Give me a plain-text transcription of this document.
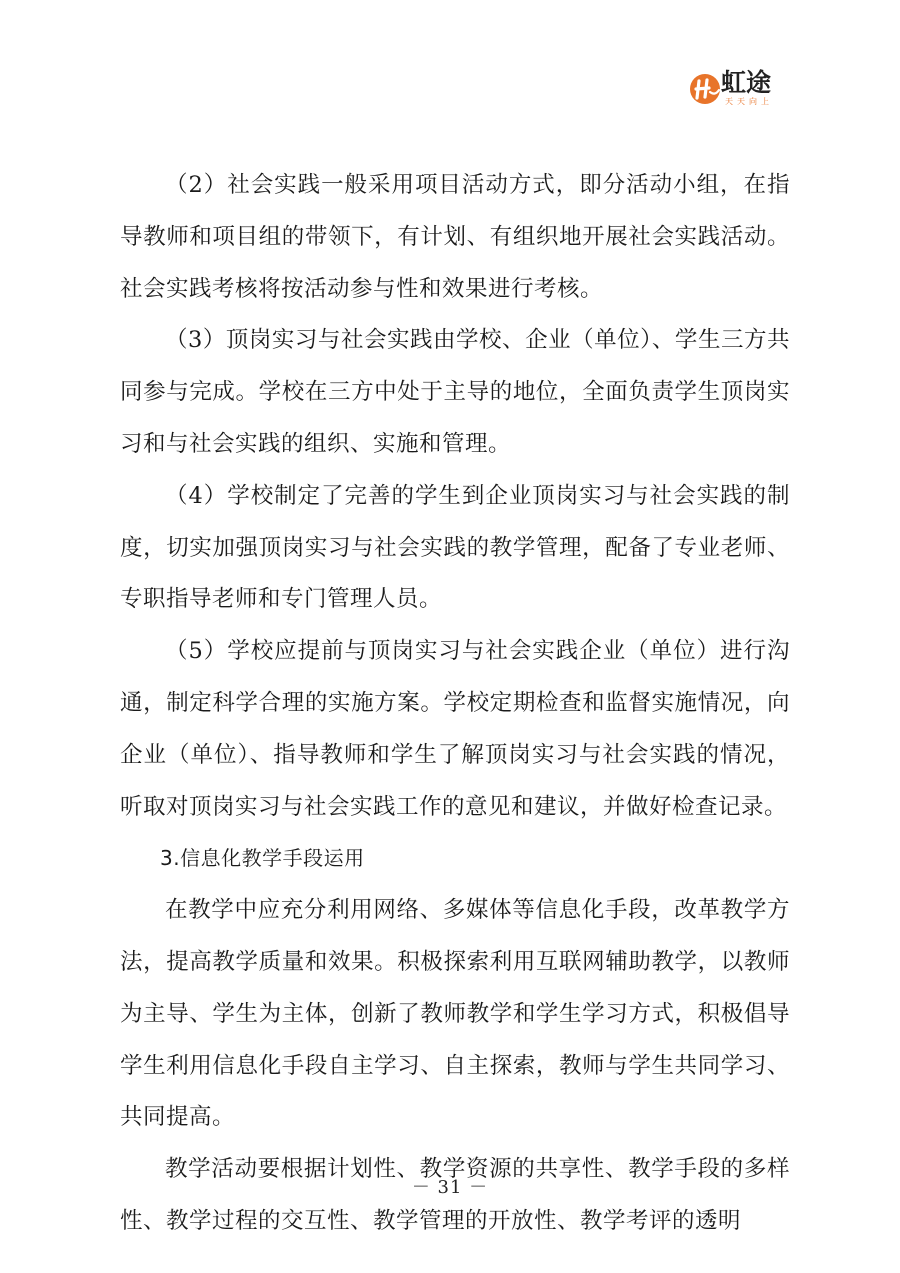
虹途
天天向上

（2）社会实践一般采用项目活动方式，即分活动小组，在指导教师和项目组的带领下，有计划、有组织地开展社会实践活动。社会实践考核将按活动参与性和效果进行考核。

（3）顶岗实习与社会实践由学校、企业（单位）、学生三方共同参与完成。学校在三方中处于主导的地位，全面负责学生顶岗实习和与社会实践的组织、实施和管理。

（4）学校制定了完善的学生到企业顶岗实习与社会实践的制度，切实加强顶岗实习与社会实践的教学管理，配备了专业老师、专职指导老师和专门管理人员。

（5）学校应提前与顶岗实习与社会实践企业（单位）进行沟通，制定科学合理的实施方案。学校定期检查和监督实施情况，向企业（单位）、指导教师和学生了解顶岗实习与社会实践的情况，听取对顶岗实习与社会实践工作的意见和建议，并做好检查记录。

3.信息化教学手段运用

在教学中应充分利用网络、多媒体等信息化手段，改革教学方法，提高教学质量和效果。积极探索利用互联网辅助教学，以教师为主导、学生为主体，创新了教师教学和学生学习方式，积极倡导学生利用信息化手段自主学习、自主探索，教师与学生共同学习、共同提高。

教学活动要根据计划性、教学资源的共享性、教学手段的多样性、教学过程的交互性、教学管理的开放性、教学考评的透明

－ 31 －
